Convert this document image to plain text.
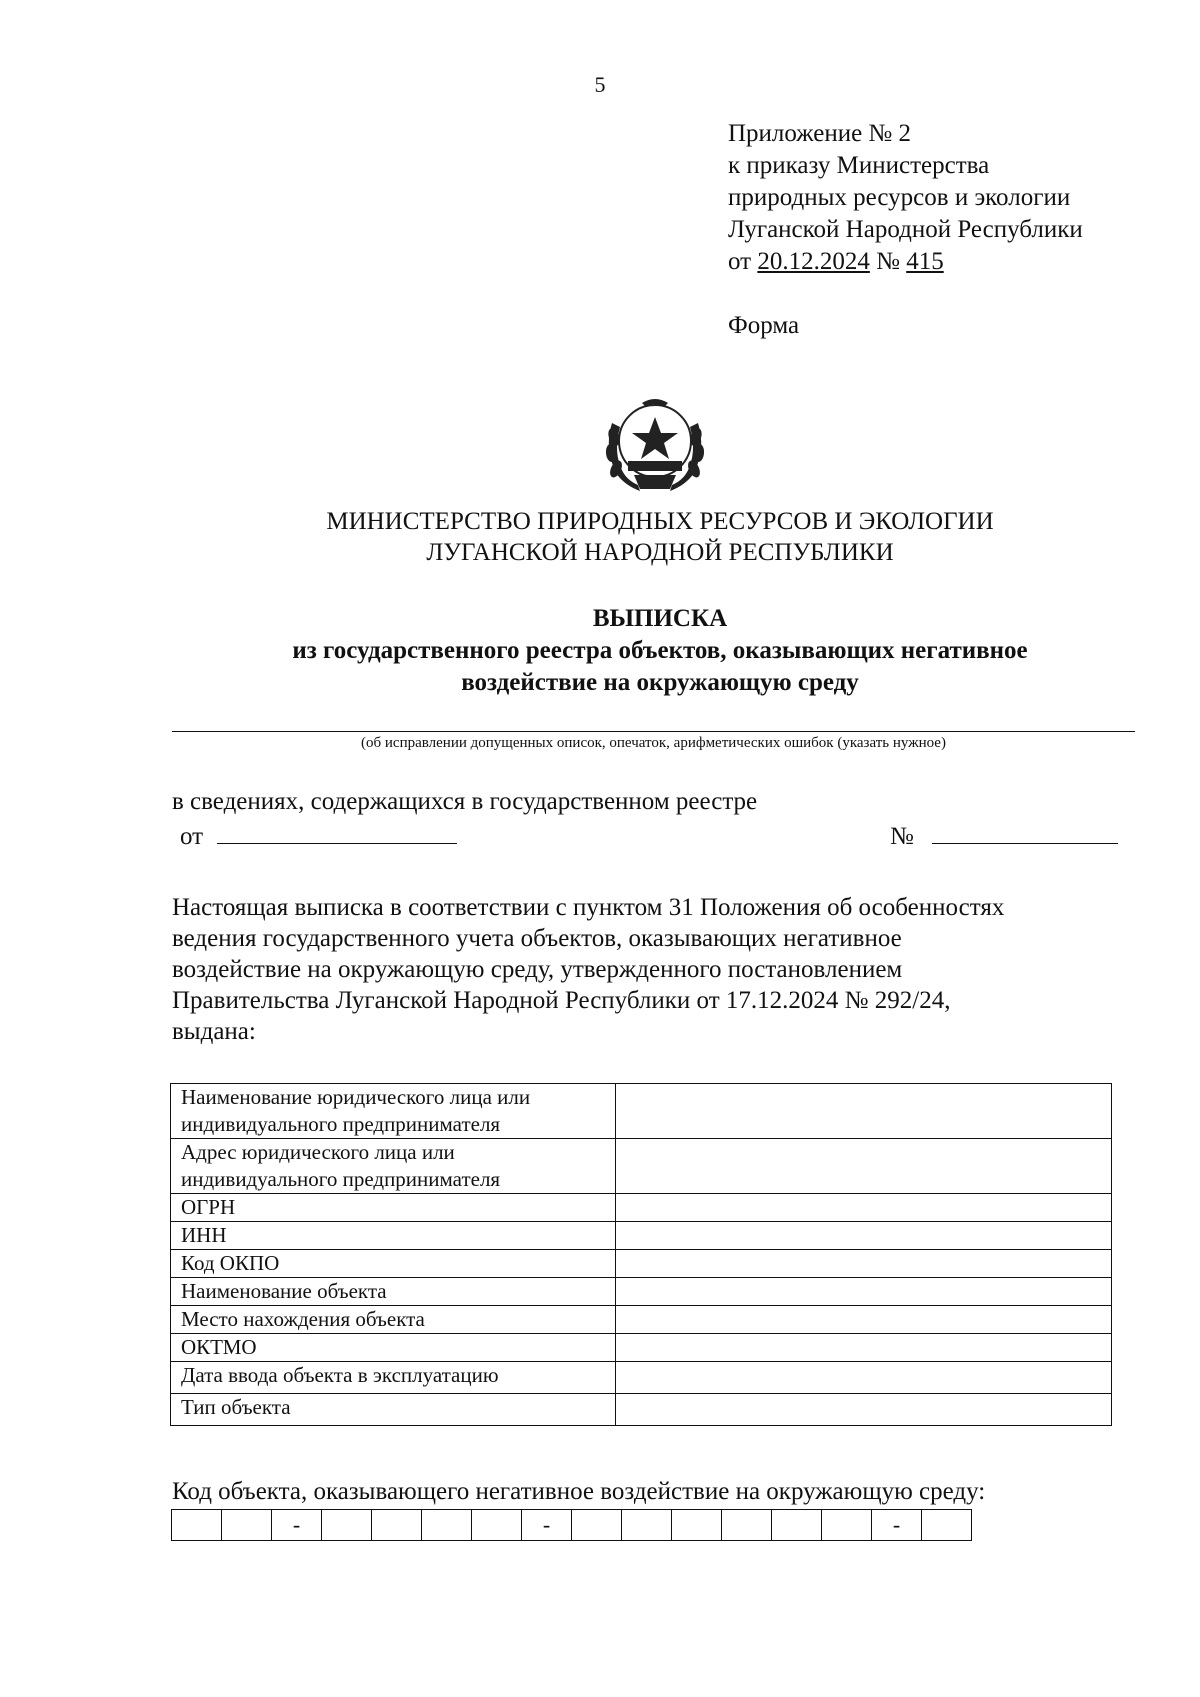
5
Приложение № 2
к приказу Министерства
природных ресурсов и экологии
Луганской Народной Республики
от 20.12.2024 № 415
Форма
МИНИСТЕРСТВО ПРИРОДНЫХ РЕСУРСОВ И ЭКОЛОГИИ
ЛУГАНСКОЙ НАРОДНОЙ РЕСПУБЛИКИ
ВЫПИСКА
из государственного реестра объектов, оказывающих негативное
воздействие на окружающую среду
(об исправлении допущенных описок, опечаток, арифметических ошибок (указать нужное)
в сведениях, содержащихся в государственном реестре
от	№
Настоящая выписка в соответствии с пунктом 31 Положения об особенностях
ведения государственного учета объектов, оказывающих негативное
воздействие на окружающую среду, утвержденного постановлением
Правительства Луганской Народной Республики от 17.12.2024 № 292/24,
выдана:
Наименование юридического лица или индивидуального предпринимателя	
Адрес юридического лица или индивидуального предпринимателя	
ОГРН	
ИНН	
Код ОКПО	
Наименование объекта	
Место нахождения объекта	
ОКТМО	
Дата ввода объекта в эксплуатацию	
Тип объекта	
Код объекта, оказывающего негативное воздействие на окружающую среду:
		-					-							-	
